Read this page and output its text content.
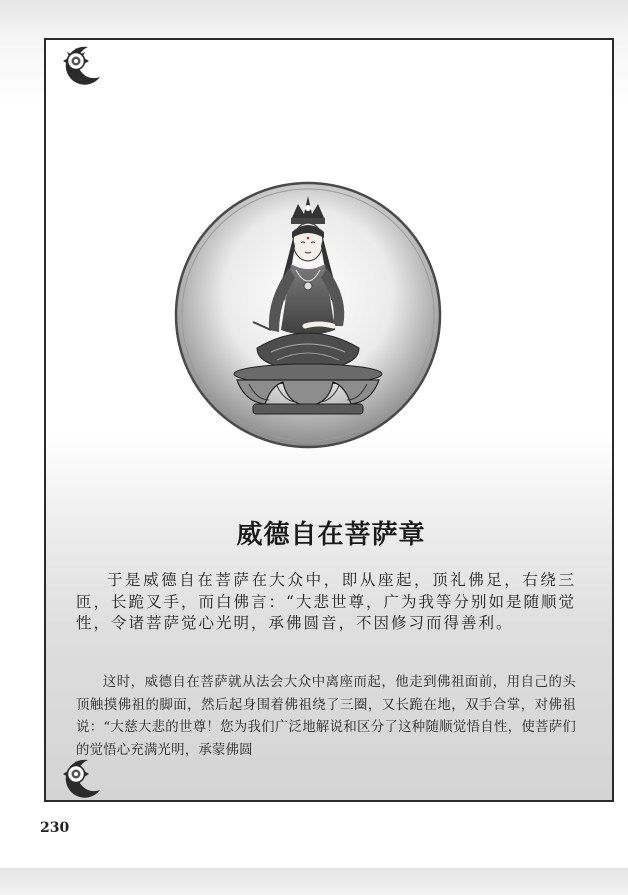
威德自在菩萨章

于是威德自在菩萨在大众中，即从座起，顶礼佛足，右绕三匝，长跪叉手，而白佛言：“大悲世尊，广为我等分别如是随顺觉性，令诸菩萨觉心光明，承佛圆音，不因修习而得善利。

这时，威德自在菩萨就从法会大众中离座而起，他走到佛祖面前，用自己的头顶触摸佛祖的脚面，然后起身围着佛祖绕了三圈，又长跪在地，双手合掌，对佛祖说：“大慈大悲的世尊！您为我们广泛地解说和区分了这种随顺觉悟自性，使菩萨们的觉悟心充满光明，承蒙佛圆

230
